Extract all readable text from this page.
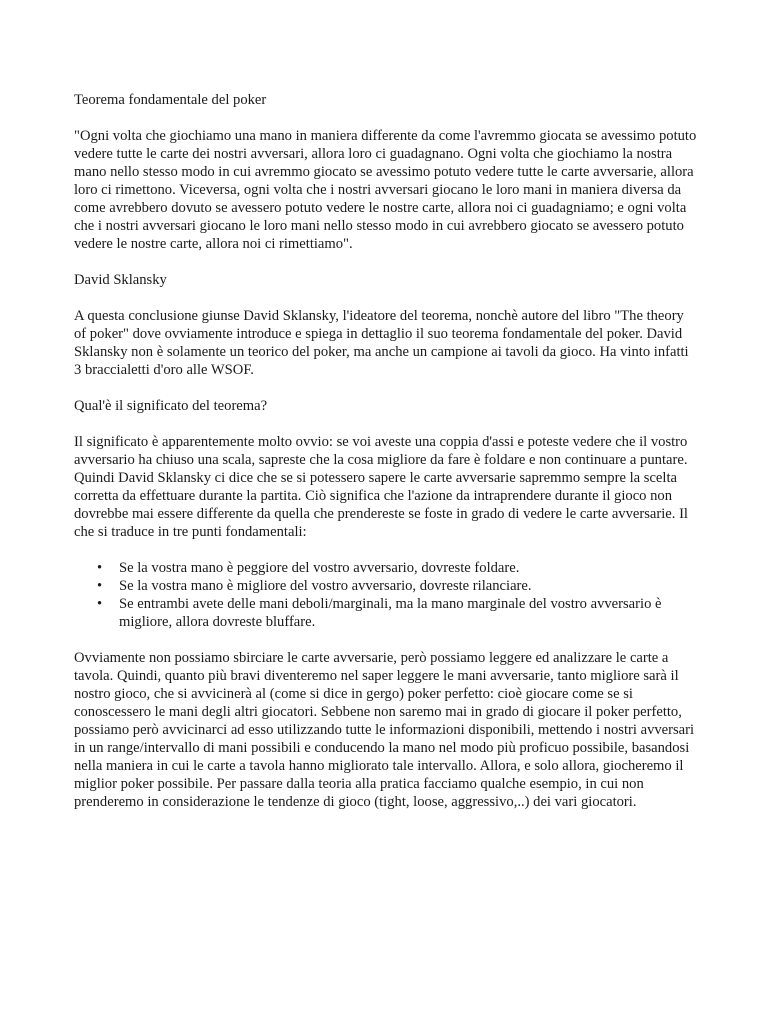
Teorema fondamentale del poker

"Ogni volta che giochiamo una mano in maniera differente da come l'avremmo giocata se avessimo potuto vedere tutte le carte dei nostri avversari, allora loro ci guadagnano. Ogni volta che giochiamo la nostra mano nello stesso modo in cui avremmo giocato se avessimo potuto vedere tutte le carte avversarie, allora loro ci rimettono. Viceversa, ogni volta che i nostri avversari giocano le loro mani in maniera diversa da come avrebbero dovuto se avessero potuto vedere le nostre carte, allora noi ci guadagniamo; e ogni volta che i nostri avversari giocano le loro mani nello stesso modo in cui avrebbero giocato se avessero potuto vedere le nostre carte, allora noi ci rimettiamo".

David Sklansky

A questa conclusione giunse David Sklansky, l'ideatore del teorema, nonchè autore del libro "The theory of poker" dove ovviamente introduce e spiega in dettaglio il suo teorema fondamentale del poker. David Sklansky non è solamente un teorico del poker, ma anche un campione ai tavoli da gioco. Ha vinto infatti 3 braccialetti d'oro alle WSOF.

Qual'è il significato del teorema?

Il significato è apparentemente molto ovvio: se voi aveste una coppia d'assi e poteste vedere che il vostro avversario ha chiuso una scala, sapreste che la cosa migliore da fare è foldare e non continuare a puntare. Quindi David Sklansky ci dice che se si potessero sapere le carte avversarie sapremmo sempre la scelta corretta da effettuare durante la partita. Ciò significa che l'azione da intraprendere durante il gioco non dovrebbe mai essere differente da quella che prendereste se foste in grado di vedere le carte avversarie. Il che si traduce in tre punti fondamentali:

• Se la vostra mano è peggiore del vostro avversario, dovreste foldare.
• Se la vostra mano è migliore del vostro avversario, dovreste rilanciare.
• Se entrambi avete delle mani deboli/marginali, ma la mano marginale del vostro avversario è migliore, allora dovreste bluffare.

Ovviamente non possiamo sbirciare le carte avversarie, però possiamo leggere ed analizzare le carte a tavola. Quindi, quanto più bravi diventeremo nel saper leggere le mani avversarie, tanto migliore sarà il nostro gioco, che si avvicinerà al (come si dice in gergo) poker perfetto: cioè giocare come se si conoscessero le mani degli altri giocatori. Sebbene non saremo mai in grado di giocare il poker perfetto, possiamo però avvicinarci ad esso utilizzando tutte le informazioni disponibili, mettendo i nostri avversari in un range/intervallo di mani possibili e conducendo la mano nel modo più proficuo possibile, basandosi nella maniera in cui le carte a tavola hanno migliorato tale intervallo. Allora, e solo allora, giocheremo il miglior poker possibile. Per passare dalla teoria alla pratica facciamo qualche esempio, in cui non prenderemo in considerazione le tendenze di gioco (tight, loose, aggressivo,..) dei vari giocatori.
